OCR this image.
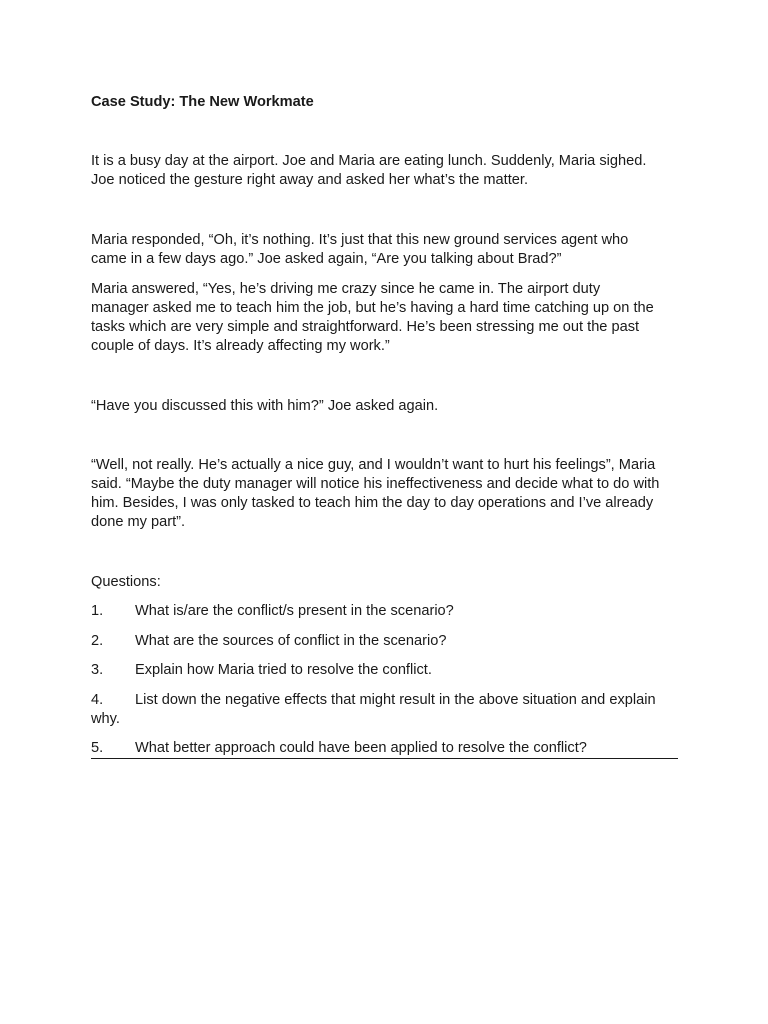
Case Study: The New Workmate
It is a busy day at the airport. Joe and Maria are eating lunch. Suddenly, Maria sighed.
Joe noticed the gesture right away and asked her what’s the matter.
Maria responded, “Oh, it’s nothing. It’s just that this new ground services agent who
came in a few days ago.” Joe asked again, “Are you talking about Brad?”
Maria answered, “Yes, he’s driving me crazy since he came in. The airport duty
manager asked me to teach him the job, but he’s having a hard time catching up on the
tasks which are very simple and straightforward. He’s been stressing me out the past
couple of days. It’s already affecting my work.”
“Have you discussed this with him?” Joe asked again.
“Well, not really. He’s actually a nice guy, and I wouldn’t want to hurt his feelings”, Maria
said. “Maybe the duty manager will notice his ineffectiveness and decide what to do with
him. Besides, I was only tasked to teach him the day to day operations and I’ve already
done my part”.
Questions:
1. What is/are the conflict/s present in the scenario?
2. What are the sources of conflict in the scenario?
3. Explain how Maria tried to resolve the conflict.
4. List down the negative effects that might result in the above situation and explain
why.
5. What better approach could have been applied to resolve the conflict?
